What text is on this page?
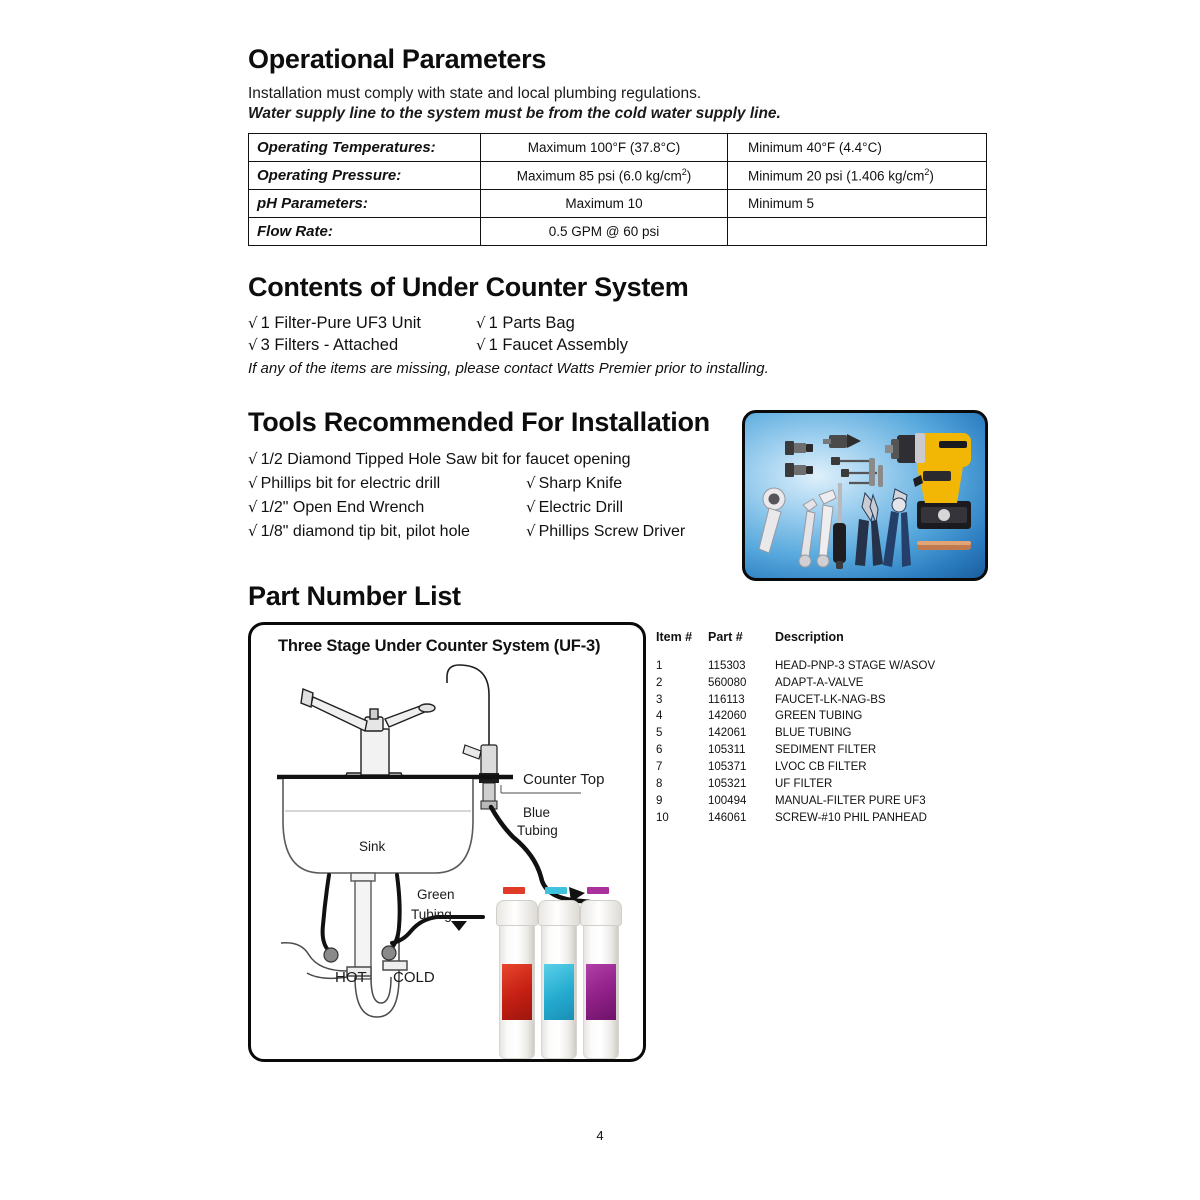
Operational Parameters

Installation must comply with state and local plumbing regulations.

Water supply line to the system must be from the cold water supply line.

Operating Temperatures:	Maximum 100°F (37.8°C)	Minimum 40°F (4.4°C)
Operating Pressure:	Maximum 85 psi (6.0 $kg/cm^2$)	Minimum 20 psi (1.406 $kg/cm^2$)
pH Parameters:	Maximum 10	Minimum 5
Flow Rate:	0.5 GPM @ 60 psi	
Contents of Under Counter System
√ 1 Filter-Pure UF3 Unit	√ 1 Parts Bag
√ 3 Filters - Attached	√ 1 Faucet Assembly

If any of the items are missing, please contact Watts Premier prior to installing.

Tools Recommended For Installation
√ 1/2 Diamond Tipped Hole Saw bit for faucet opening
√ Phillips bit for electric drill	√ Sharp Knife
√ 1/2" Open End Wrench	√ Electric Drill
√ 1/8" diamond tip bit, pilot hole	√ Phillips Screw Driver
Part Number List
Three Stage Under Counter System (UF-3)
Counter Top
Sink
Blue
Tubing
Green
Tubing
HOT COLD
Item #	Part #	Description
1	115303	HEAD-PNP-3 STAGE W/ASOV
2	560080	ADAPT-A-VALVE
3	116113	FAUCET-LK-NAG-BS
4	142060	GREEN TUBING
5	142061	BLUE TUBING
6	105311	SEDIMENT FILTER
7	105371	LVOC CB FILTER
8	105321	UF FILTER
9	100494	MANUAL-FILTER PURE UF3
10	146061	SCREW-#10 PHIL PANHEAD
4
